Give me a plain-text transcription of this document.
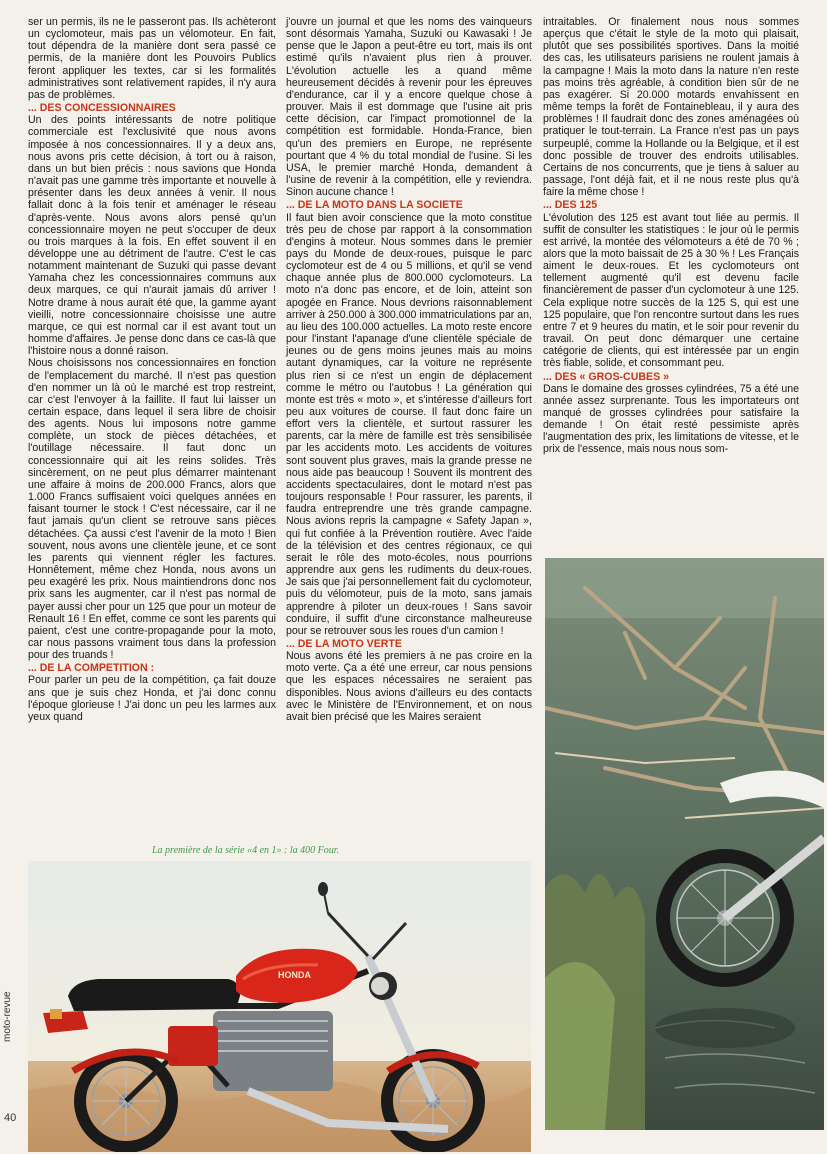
ser un permis, ils ne le passeront pas. Ils achèteront un cyclomoteur, mais pas un vélomoteur. En fait, tout dépendra de la manière dont sera passé ce permis, de la manière dont les Pouvoirs Publics feront appliquer les textes, car si les formalités administratives sont relativement rapides, il n'y aura pas de problèmes.

... DES CONCESSIONNAIRES

Un des points intéressants de notre politique commerciale est l'exclusivité que nous avons imposée à nos concessionnaires. Il y a deux ans, nous avons pris cette décision, à tort ou à raison, dans un but bien précis : nous savions que Honda n'avait pas une gamme très importante et nouvelle à présenter dans les deux années à venir. Il nous fallait donc à la fois tenir et aménager le réseau d'après-vente. Nous avons alors pensé qu'un concessionnaire moyen ne peut s'occuper de deux ou trois marques à la fois. En effet souvent il en développe une au détriment de l'autre. C'est le cas notamment maintenant de Suzuki qui passe devant Yamaha chez les concessionnaires communs aux deux marques, ce qui n'aurait jamais dû arriver ! Notre drame à nous aurait été que, la gamme ayant vieilli, notre concessionnaire choisisse une autre marque, ce qui est normal car il est avant tout un homme d'affaires. Je pense donc dans ce cas-là que l'histoire nous a donné raison.

Nous choisissons nos concessionnaires en fonction de l'emplacement du marché. Il n'est pas question d'en nommer un là où le marché est trop restreint, car c'est l'envoyer à la faillite. Il faut lui laisser un certain espace, dans lequel il sera libre de choisir des agents. Nous lui imposons notre gamme complète, un stock de pièces détachées, et l'outillage nécessaire. Il faut donc un concessionnaire qui ait les reins solides. Très sincèrement, on ne peut plus démarrer maintenant une affaire à moins de 200.000 Francs, alors que 1.000 Francs suffisaient voici quelques années en faisant tourner le stock ! C'est nécessaire, car il ne faut jamais qu'un client se retrouve sans pièces détachées. Ça aussi c'est l'avenir de la moto ! Bien souvent, nous avons une clientèle jeune, et ce sont les parents qui viennent régler les factures. Honnêtement, même chez Honda, nous avons un peu exagéré les prix. Nous maintiendrons donc nos prix sans les augmenter, car il n'est pas normal de payer aussi cher pour un 125 que pour un moteur de Renault 16 ! En effet, comme ce sont les parents qui paient, c'est une contre-propagande pour la moto, car nous passons vraiment tous dans la profession pour des truands !

... DE LA COMPETITION :

Pour parler un peu de la compétition, ça fait douze ans que je suis chez Honda, et j'ai donc connu l'époque glorieuse ! J'ai donc un peu les larmes aux yeux quand

j'ouvre un journal et que les noms des vainqueurs sont désormais Yamaha, Suzuki ou Kawasaki ! Je pense que le Japon a peut-être eu tort, mais ils ont estimé qu'ils n'avaient plus rien à prouver. L'évolution actuelle les a quand même heureusement décidés à revenir pour les épreuves d'endurance, car il y a encore quelque chose à prouver. Mais il est dommage que l'usine ait pris cette décision, car l'impact promotionnel de la compétition est formidable. Honda-France, bien qu'un des premiers en Europe, ne représente pourtant que 4 % du total mondial de l'usine. Si les USA, le premier marché Honda, demandent à l'usine de revenir à la compétition, elle y reviendra. Sinon aucune chance !

... DE LA MOTO DANS LA SOCIETE

Il faut bien avoir conscience que la moto constitue très peu de chose par rapport à la consommation d'engins à moteur. Nous sommes dans le premier pays du Monde de deux-roues, puisque le parc cyclomoteur est de 4 ou 5 millions, et qu'il se vend chaque année plus de 800.000 cyclomoteurs. La moto n'a donc pas encore, et de loin, atteint son apogée en France. Nous devrions raisonnablement arriver à 250.000 à 300.000 immatriculations par an, au lieu des 100.000 actuelles. La moto reste encore pour l'instant l'apanage d'une clientèle spéciale de jeunes ou de gens moins jeunes mais au moins autant dynamiques, car la voiture ne représente plus rien si ce n'est un engin de déplacement comme le métro ou l'autobus ! La génération qui monte est très « moto », et s'intéresse d'ailleurs fort peu aux voitures de course. Il faut donc faire un effort vers la clientèle, et surtout rassurer les parents, car la mère de famille est très sensibilisée par les accidents moto. Les accidents de voitures sont souvent plus graves, mais la grande presse ne nous aide pas beaucoup ! Souvent ils montrent des accidents spectaculaires, dont le motard n'est pas toujours responsable ! Pour rassurer, les parents, il faudra entreprendre une très grande campagne. Nous avions repris la campagne « Safety Japan », qui fut confiée à la Prévention routière. Avec l'aide de la télévision et des centres régionaux, ce qui serait le rôle des moto-écoles, nous pourrions apprendre aux gens les rudiments du deux-roues. Je sais que j'ai personnellement fait du cyclomoteur, puis du vélomoteur, puis de la moto, sans jamais apprendre à piloter un deux-roues ! Sans savoir conduire, il suffit d'une circonstance malheureuse pour se retrouver sous les roues d'un camion !

... DE LA MOTO VERTE

Nous avons été les premiers à ne pas croire en la moto verte. Ça a été une erreur, car nous pensions que les espaces nécessaires ne seraient pas disponibles. Nous avions d'ailleurs eu des contacts avec le Ministère de l'Environnement, et on nous avait bien précisé que les Maires seraient

intraitables. Or finalement nous nous sommes aperçus que c'était le style de la moto qui plaisait, plutôt que ses possibilités sportives. Dans la moitié des cas, les utilisateurs parisiens ne roulent jamais à la campagne ! Mais la moto dans la nature n'en reste pas moins très agréable, à condition bien sûr de ne pas exagérer. Si 20.000 motards envahissent en même temps la forêt de Fontainebleau, il y aura des problèmes ! Il faudrait donc des zones aménagées où pratiquer le tout-terrain. La France n'est pas un pays surpeuplé, comme la Hollande ou la Belgique, et il est donc possible de trouver des endroits utilisables. Certains de nos concurrents, que je tiens à saluer au passage, l'ont déjà fait, et il ne nous reste plus qu'à faire la même chose !

... DES 125

L'évolution des 125 est avant tout liée au permis. Il suffit de consulter les statistiques : le jour où le permis est arrivé, la montée des vélomoteurs a été de 70 % ; alors que la moto baissait de 25 à 30 % ! Les Français aiment le deux-roues. Et les cyclomoteurs ont tellement augmenté qu'il est devenu facile financièrement de passer d'un cyclomoteur à une 125. Cela explique notre succès de la 125 S, qui est une 125 populaire, que l'on rencontre surtout dans les rues entre 7 et 9 heures du matin, et le soir pour revenir du travail. On peut donc démarquer une certaine catégorie de clients, qui est intéressée par un engin très fiable, solide, et consommant peu.

... DES « GROS-CUBES »

Dans le domaine des grosses cylindrées, 75 a été une année assez surprenante. Tous les importateurs ont manqué de grosses cylindrées pour satisfaire la demande ! On était resté pessimiste après l'augmentation des prix, les limitations de vitesse, et le prix de l'essence, mais nous nous som-

La première de la série «4 en 1» : la 400 Four.
HONDA
moto-revue
40
